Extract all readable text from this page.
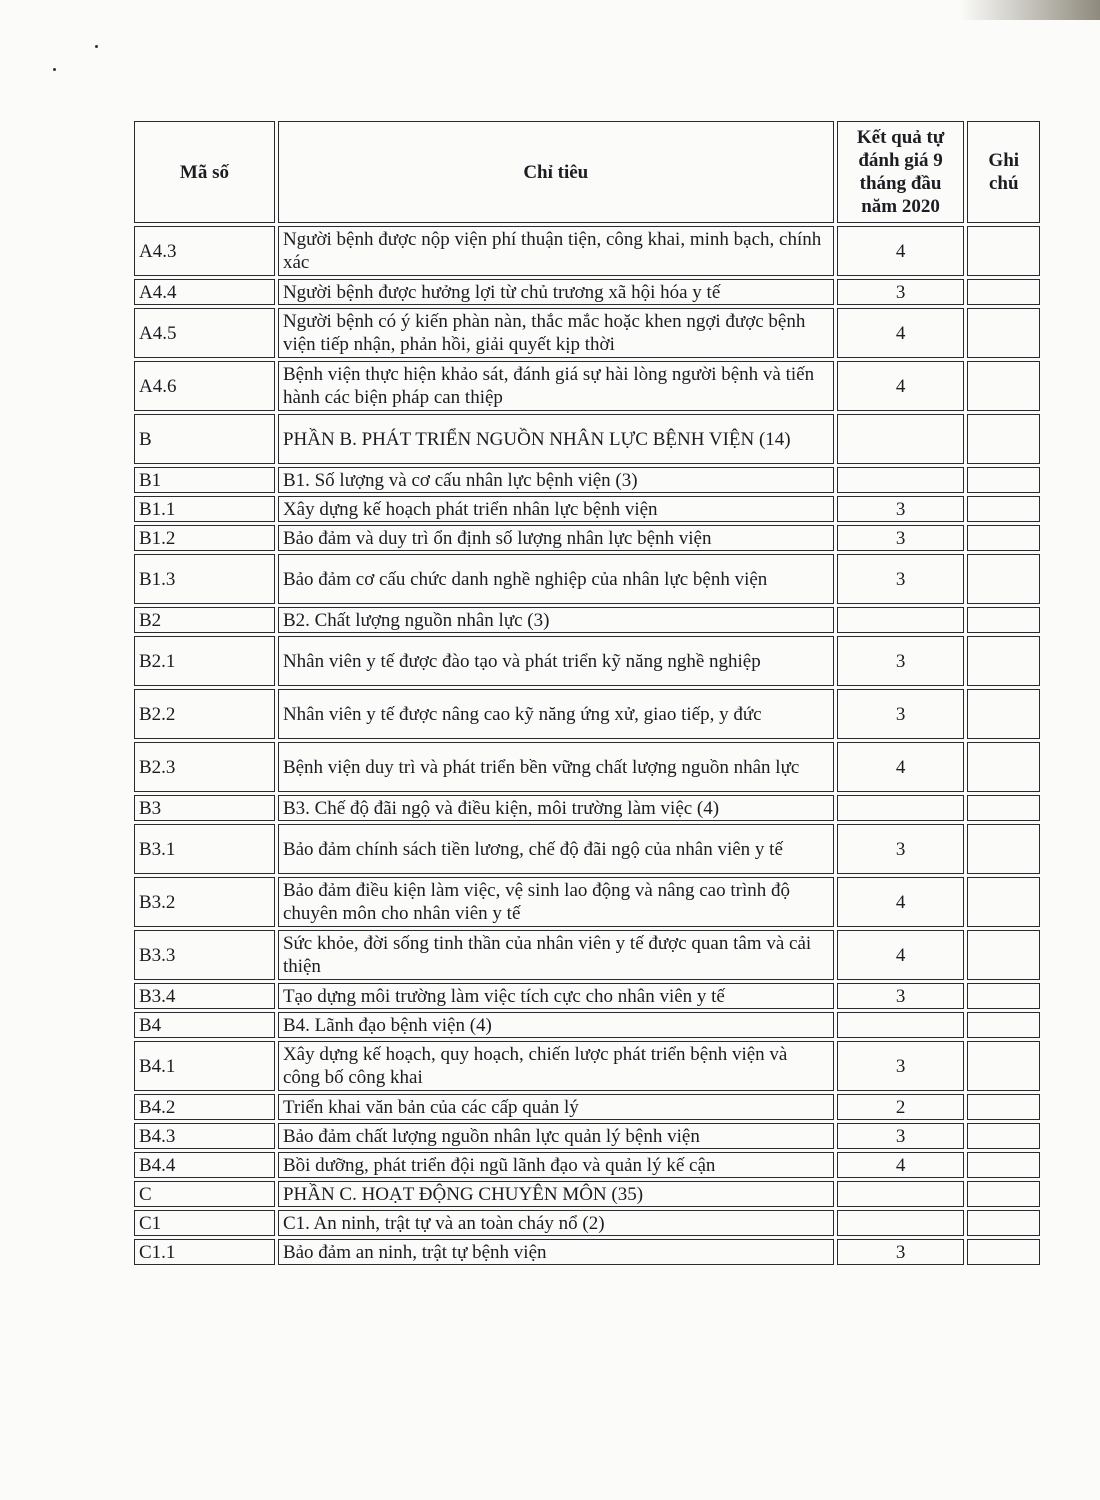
Mã số	Chỉ tiêu	Kết quả tự đánh giá 9 tháng đầu năm 2020	Ghi chú
A4.3	Người bệnh được nộp viện phí thuận tiện, công khai, minh bạch, chính xác	4	
A4.4	Người bệnh được hưởng lợi từ chủ trương xã hội hóa y tế	3	
A4.5	Người bệnh có ý kiến phàn nàn, thắc mắc hoặc khen ngợi được bệnh viện tiếp nhận, phản hồi, giải quyết kịp thời	4	
A4.6	Bệnh viện thực hiện khảo sát, đánh giá sự hài lòng người bệnh và tiến hành các biện pháp can thiệp	4	
B	PHẦN B. PHÁT TRIỂN NGUỒN NHÂN LỰC BỆNH VIỆN (14)		
B1	B1. Số lượng và cơ cấu nhân lực bệnh viện (3)		
B1.1	Xây dựng kế hoạch phát triển nhân lực bệnh viện	3	
B1.2	Bảo đảm và duy trì ổn định số lượng nhân lực bệnh viện	3	
B1.3	Bảo đảm cơ cấu chức danh nghề nghiệp của nhân lực bệnh viện	3	
B2	B2. Chất lượng nguồn nhân lực (3)		
B2.1	Nhân viên y tế được đào tạo và phát triển kỹ năng nghề nghiệp	3	
B2.2	Nhân viên y tế được nâng cao kỹ năng ứng xử, giao tiếp, y đức	3	
B2.3	Bệnh viện duy trì và phát triển bền vững chất lượng nguồn nhân lực	4	
B3	B3. Chế độ đãi ngộ và điều kiện, môi trường làm việc (4)		
B3.1	Bảo đảm chính sách tiền lương, chế độ đãi ngộ của nhân viên y tế	3	
B3.2	Bảo đảm điều kiện làm việc, vệ sinh lao động và nâng cao trình độ chuyên môn cho nhân viên y tế	4	
B3.3	Sức khỏe, đời sống tinh thần của nhân viên y tế được quan tâm và cải thiện	4	
B3.4	Tạo dựng môi trường làm việc tích cực cho nhân viên y tế	3	
B4	B4. Lãnh đạo bệnh viện (4)		
B4.1	Xây dựng kế hoạch, quy hoạch, chiến lược phát triển bệnh viện và công bố công khai	3	
B4.2	Triển khai văn bản của các cấp quản lý	2	
B4.3	Bảo đảm chất lượng nguồn nhân lực quản lý bệnh viện	3	
B4.4	Bồi dưỡng, phát triển đội ngũ lãnh đạo và quản lý kế cận	4	
C	PHẦN C. HOẠT ĐỘNG CHUYÊN MÔN (35)		
C1	C1. An ninh, trật tự và an toàn cháy nổ (2)		
C1.1	Bảo đảm an ninh, trật tự bệnh viện	3	
